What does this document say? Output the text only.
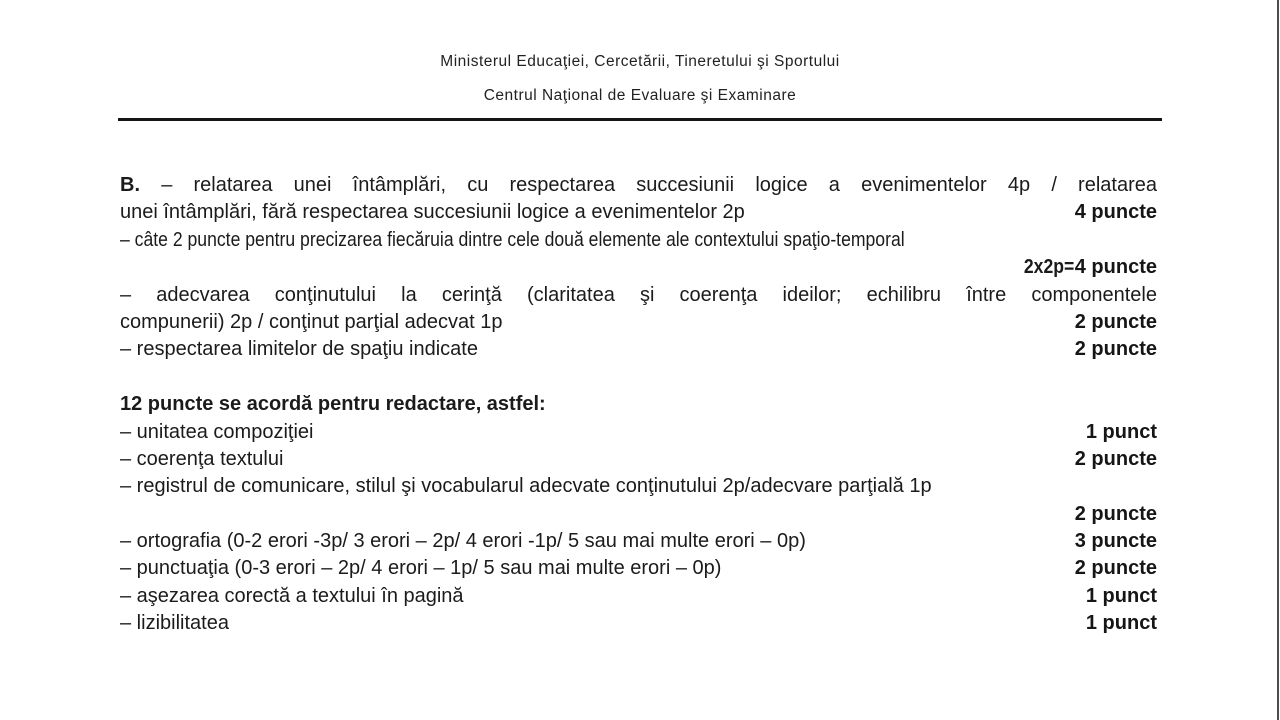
Ministerul Educaţiei, Cercetării, Tineretului şi Sportului
Centrul Naţional de Evaluare şi Examinare
B. – relatarea unei întâmplări, cu respectarea succesiunii logice a evenimentelor 4p / relatarea
unei întâmplări, fără respectarea succesiunii logice a evenimentelor 2p	4 puncte
– câte 2 puncte pentru precizarea fiecăruia dintre cele două elemente ale contextului spaţio-temporal
2x2p=4 puncte
– adecvarea conţinutului la cerinţă (claritatea şi coerenţa ideilor; echilibru între componentele
compunerii) 2p / conţinut parţial adecvat 1p	2 puncte
– respectarea limitelor de spaţiu indicate	2 puncte
12 puncte se acordă pentru redactare, astfel:
– unitatea compoziţiei	1 punct
– coerenţa textului	2 puncte
– registrul de comunicare, stilul şi vocabularul adecvate conţinutului 2p/adecvare parţială 1p
2 puncte
– ortografia (0-2 erori -3p/ 3 erori – 2p/ 4 erori -1p/ 5 sau mai multe erori – 0p)	3 puncte
– punctuaţia (0-3 erori – 2p/ 4 erori – 1p/ 5 sau mai multe erori – 0p)	2 puncte
– aşezarea corectă a textului în pagină	1 punct
– lizibilitatea	1 punct
